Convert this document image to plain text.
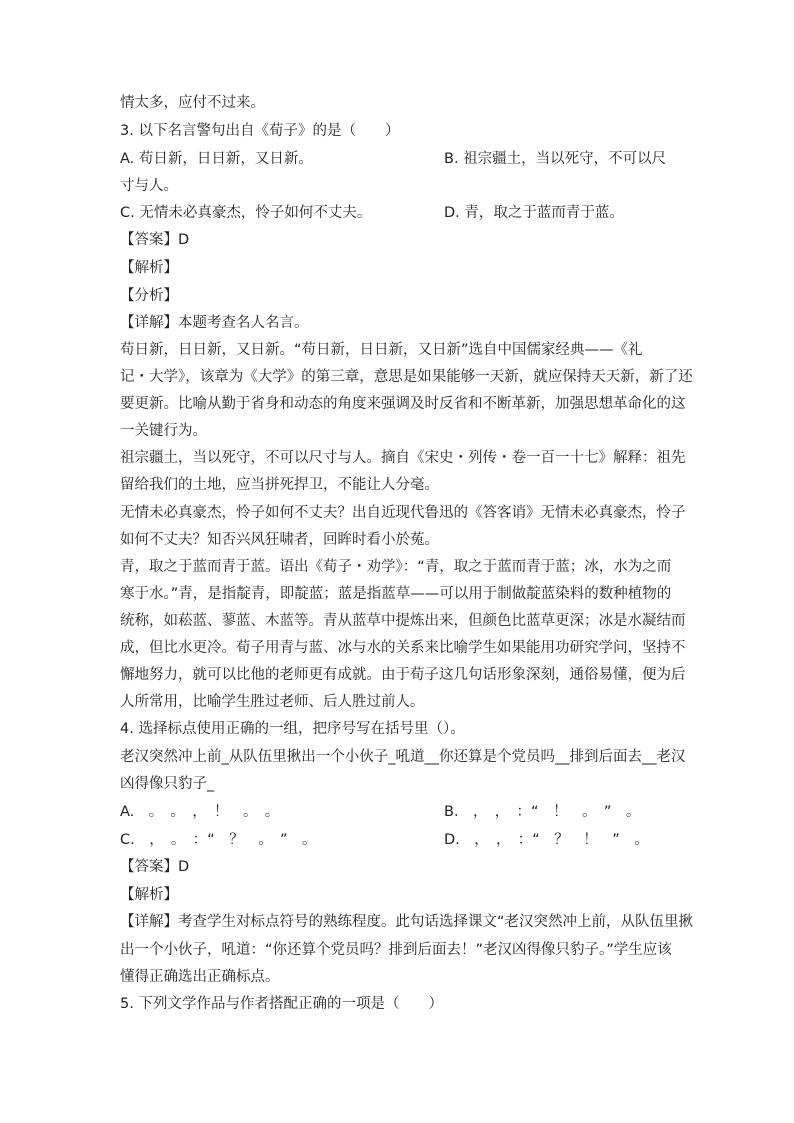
情太多，应付不过来。
3. 以下名言警句出自《荀子》的是（　　）
A. 苟日新，日日新，又日新。	B. 祖宗疆土，当以死守，不可以尺
寸与人。
C. 无情未必真豪杰，怜子如何不丈夫。	D. 青，取之于蓝而青于蓝。
【答案】D
【解析】
【分析】
【详解】本题考查名人名言。
苟日新，日日新，又日新。“苟日新，日日新，又日新”选自中国儒家经典——《礼
记・大学》，该章为《大学》的第三章，意思是如果能够一天新，就应保持天天新，新了还
要更新。比喻从勤于省身和动态的角度来强调及时反省和不断革新，加强思想革命化的这
一关键行为。
祖宗疆土，当以死守，不可以尺寸与人。摘自《宋史・列传・卷一百一十七》解释：祖先
留给我们的土地，应当拼死捍卫，不能让人分毫。
无情未必真豪杰，怜子如何不丈夫？出自近现代鲁迅的《答客诮》无情未必真豪杰，怜子
如何不丈夫？知否兴风狂啸者，回眸时看小於菟。
青，取之于蓝而青于蓝。语出《荀子・劝学》：“青，取之于蓝而青于蓝；冰，水为之而
寒于水。”青，是指靛青，即靛蓝；蓝是指蓝草——可以用于制做靛蓝染料的数种植物的
统称，如菘蓝、蓼蓝、木蓝等。青从蓝草中提炼出来，但颜色比蓝草更深；冰是水凝结而
成，但比水更冷。荀子用青与蓝、冰与水的关系来比喻学生如果能用功研究学问，坚持不
懈地努力，就可以比他的老师更有成就。由于荀子这几句话形象深刻，通俗易懂，便为后
人所常用，比喻学生胜过老师、后人胜过前人。
4. 选择标点使用正确的一组，把序号写在括号里（）。
老汉突然冲上前_从队伍里揪出一个小伙子_吼道__你还算是个党员吗__排到后面去__老汉
凶得像只豹子_
A.　。　。　，　！　。　。	B.　，　，　：“　！　。　”　。
C.　，　。　：“　？　。　”　。	D.　，　，　：“　？　！　”　。
【答案】D
【解析】
【详解】考查学生对标点符号的熟练程度。此句话选择课文“老汉突然冲上前，从队伍里揪
出一个小伙子，吼道：“你还算个党员吗？排到后面去！”老汉凶得像只豹子。”学生应该
懂得正确选出正确标点。
5. 下列文学作品与作者搭配正确的一项是（　　）
